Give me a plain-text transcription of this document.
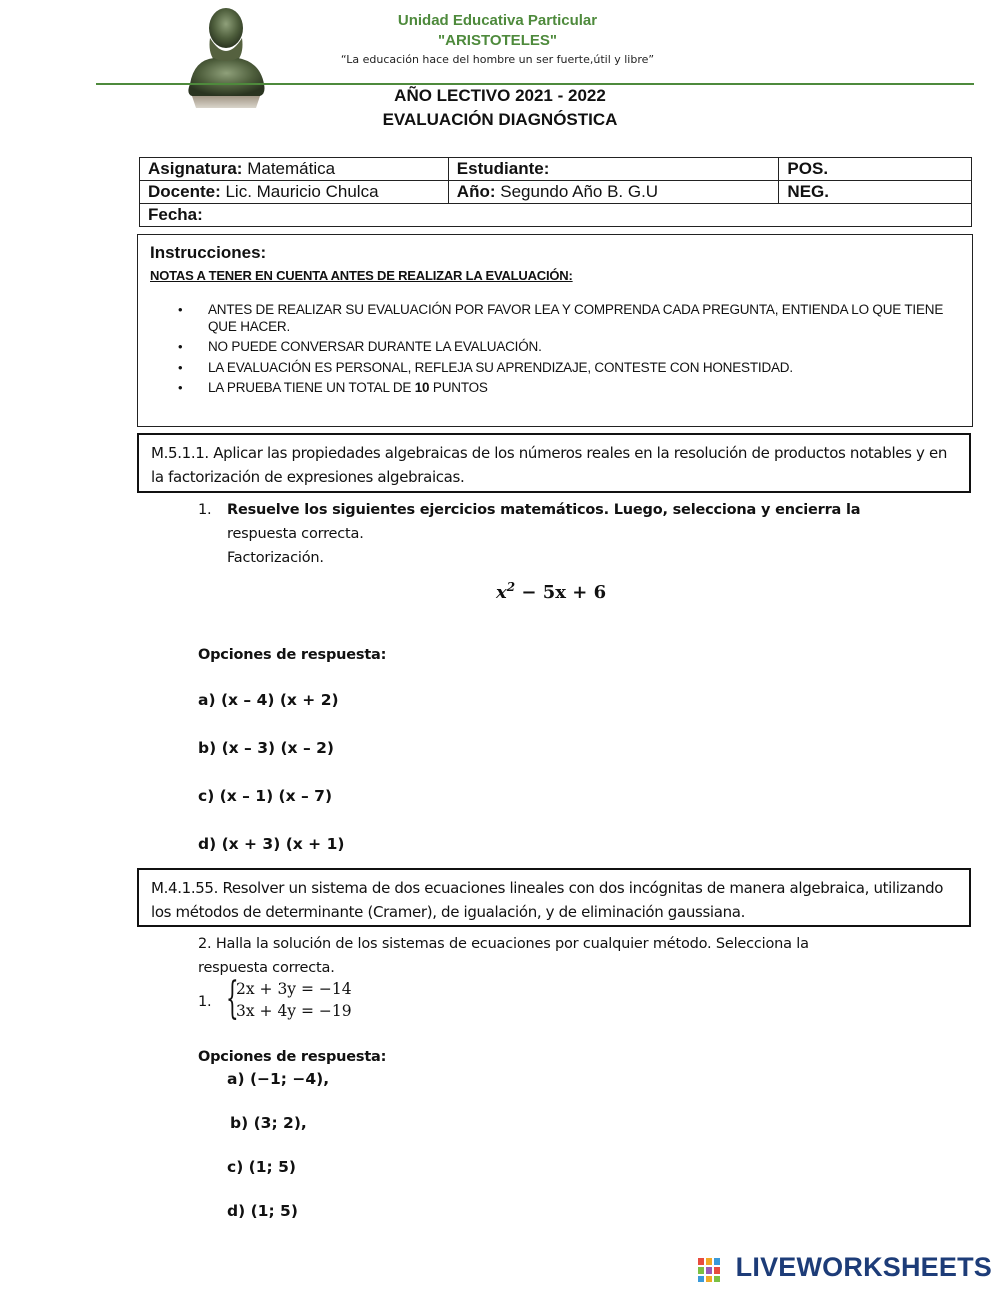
Unidad Educativa Particular
"ARISTOTELES"
“La educación hace del hombre un ser fuerte,útil y libre”
AÑO LECTIVO 2021 - 2022
EVALUACIÓN DIAGNÓSTICA
Asignatura: Matemática	Estudiante:	POS.
Docente: Lic. Mauricio Chulca	Año: Segundo Año B. G.U	NEG.
Fecha:		
Instrucciones:
NOTAS A TENER EN CUENTA ANTES DE REALIZAR LA EVALUACIÓN:
• ANTES DE REALIZAR SU EVALUACIÓN POR FAVOR LEA Y COMPRENDA CADA PREGUNTA, ENTIENDA LO QUE TIENE QUE HACER.
• NO PUEDE CONVERSAR DURANTE LA EVALUACIÓN.
• LA EVALUACIÓN ES PERSONAL, REFLEJA SU APRENDIZAJE, CONTESTE CON HONESTIDAD.
• LA PRUEBA TIENE UN TOTAL DE 10 PUNTOS
M.5.1.1. Aplicar las propiedades algebraicas de los números reales en la resolución de productos notables y en la factorización de expresiones algebraicas.
1. Resuelve los siguientes ejercicios matemáticos. Luego, selecciona y encierra la
respuesta correcta.
Factorización.
$x^2 - 5x + 6$
Opciones de respuesta:
a) (x – 4) (x + 2)
b) (x – 3) (x – 2)
c) (x – 1) (x – 7)
d) (x + 3) (x + 1)
M.4.1.55. Resolver un sistema de dos ecuaciones lineales con dos incógnitas de manera algebraica, utilizando los métodos de determinante (Cramer), de igualación, y de eliminación gaussiana.
2. Halla la solución de los sistemas de ecuaciones por cualquier método. Selecciona la
respuesta correcta.
1. {
2x + 3y = −14
3x + 4y = −19
Opciones de respuesta:
a) (−1; −4),
b) (3; 2),
c) (1; 5)
d) (1; 5)
LIVEWORKSHEETS
